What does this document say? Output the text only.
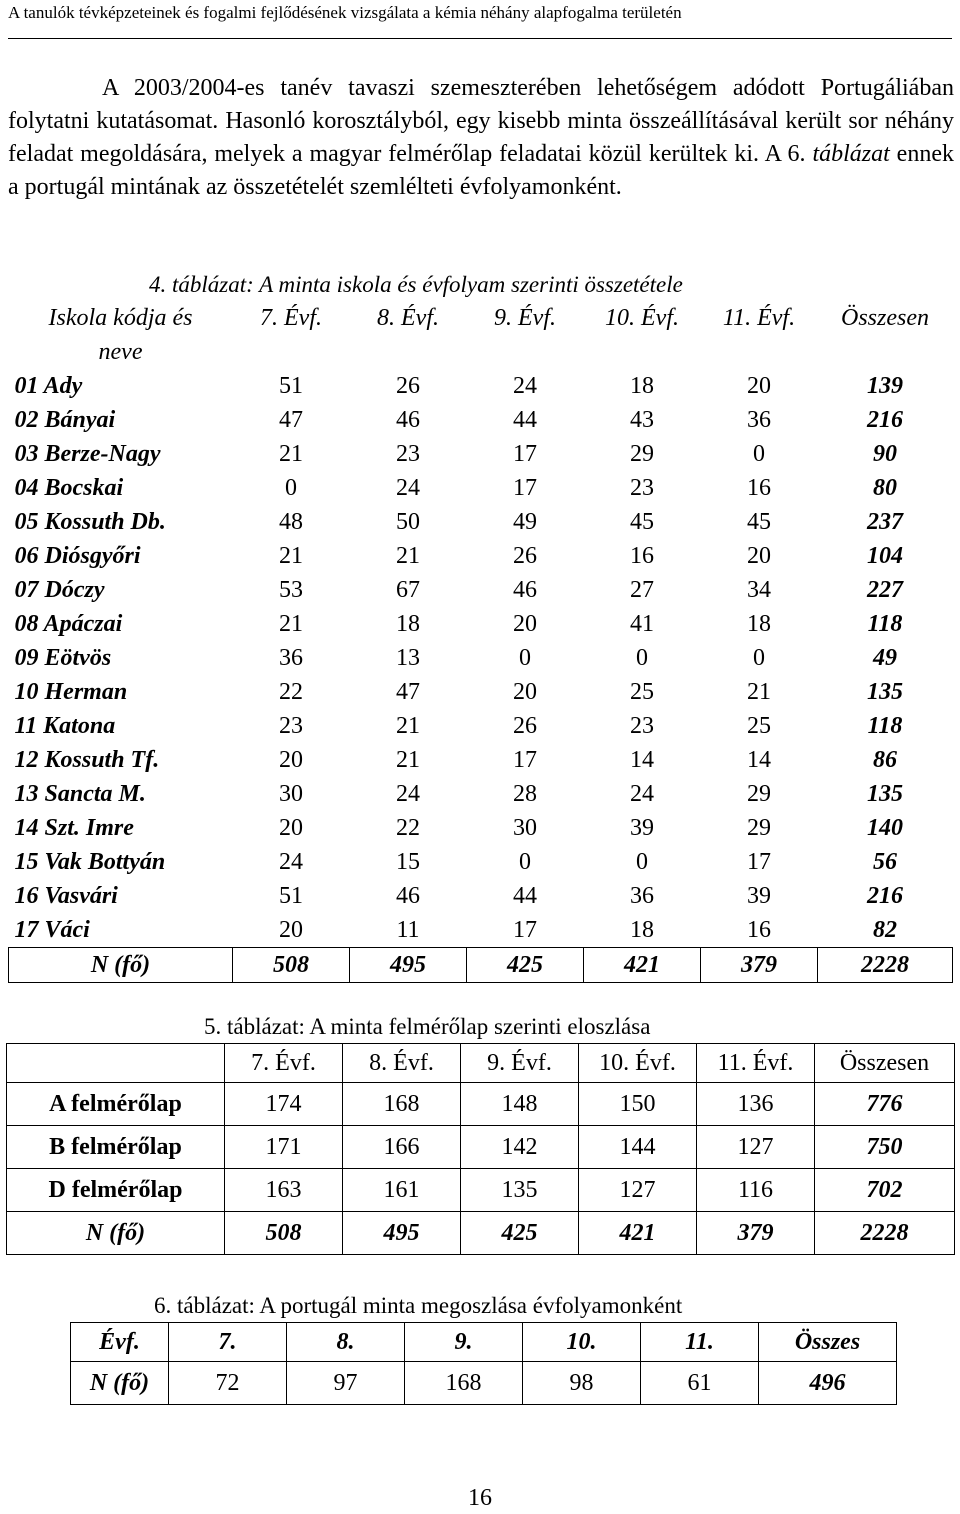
A tanulók tévképzeteinek és fogalmi fejlődésének vizsgálata a kémia néhány alapfogalma területén

A 2003/2004-es tanév tavaszi szemeszterében lehetőségem adódott Portugáliában folytatni kutatásomat. Hasonló korosztályból, egy kisebb minta összeállításával került sor néhány feladat megoldására, melyek a magyar felmérőlap feladatai közül kerültek ki. A 6. táblázat ennek a portugál mintának az összetételét szemlélteti évfolyamonként.

4. táblázat: A minta iskola és évfolyam szerinti összetétele
Iskola kódja és
neve	7. Évf.	8. Évf.	9. Évf.	10. Évf.	11. Évf.	Összesen

01 Ady	51	26	24	18	20	139
02 Bányai	47	46	44	43	36	216
03 Berze-Nagy	21	23	17	29	0	90
04 Bocskai	0	24	17	23	16	80
05 Kossuth Db.	48	50	49	45	45	237
06 Diósgyőri	21	21	26	16	20	104
07 Dóczy	53	67	46	27	34	227
08 Apáczai	21	18	20	41	18	118
09 Eötvös	36	13	0	0	0	49
10 Herman	22	47	20	25	21	135
11 Katona	23	21	26	23	25	118
12 Kossuth Tf.	20	21	17	14	14	86
13 Sancta M.	30	24	28	24	29	135
14 Szt. Imre	20	22	30	39	29	140
15 Vak Bottyán	24	15	0	0	17	56
16 Vasvári	51	46	44	36	39	216
17 Váci	20	11	17	18	16	82
N (fő)	508	495	425	421	379	2228
5. táblázat: A minta felmérőlap szerinti eloszlása
	7. Évf.	8. Évf.	9. Évf.	10. Évf.	11. Évf.	Összesen
A felmérőlap	174	168	148	150	136	776
B felmérőlap	171	166	142	144	127	750
D felmérőlap	163	161	135	127	116	702
N (fő)	508	495	425	421	379	2228
6. táblázat: A portugál minta megoszlása évfolyamonként
Évf.	7.	8.	9.	10.	11.	Összes
N (fő)	72	97	168	98	61	496
16
